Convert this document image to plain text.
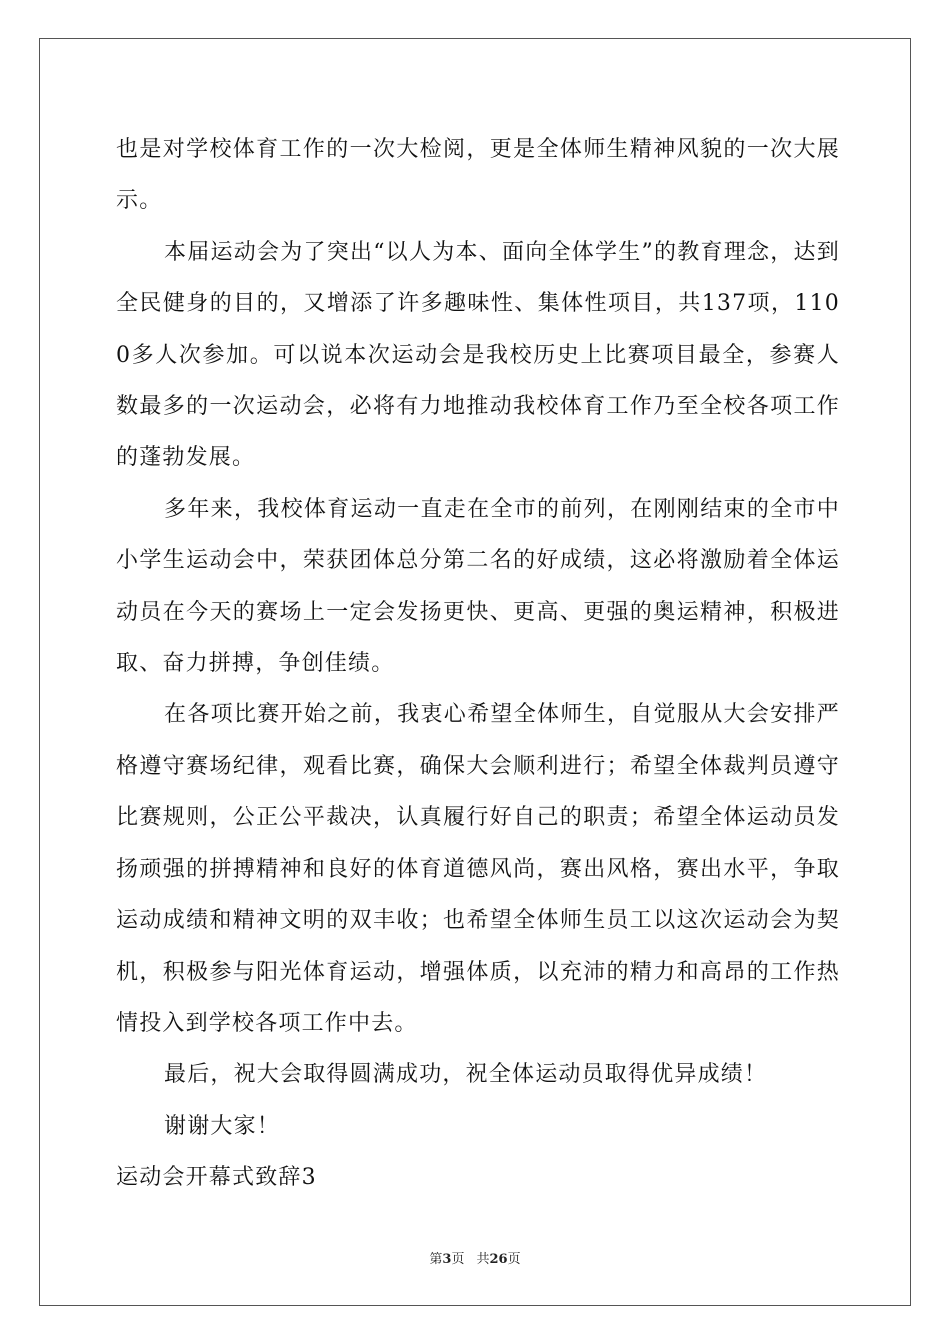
也是对学校体育工作的一次大检阅，更是全体师生精神风貌的一次大展示。

本届运动会为了突出“以人为本、面向全体学生”的教育理念，达到全民健身的目的，又增添了许多趣味性、集体性项目，共137项，1100多人次参加。可以说本次运动会是我校历史上比赛项目最全，参赛人数最多的一次运动会，必将有力地推动我校体育工作乃至全校各项工作的蓬勃发展。

多年来，我校体育运动一直走在全市的前列，在刚刚结束的全市中小学生运动会中，荣获团体总分第二名的好成绩，这必将激励着全体运动员在今天的赛场上一定会发扬更快、更高、更强的奥运精神，积极进取、奋力拼搏，争创佳绩。

在各项比赛开始之前，我衷心希望全体师生，自觉服从大会安排严格遵守赛场纪律，观看比赛，确保大会顺利进行；希望全体裁判员遵守比赛规则，公正公平裁决，认真履行好自己的职责；希望全体运动员发扬顽强的拼搏精神和良好的体育道德风尚，赛出风格，赛出水平，争取运动成绩和精神文明的双丰收；也希望全体师生员工以这次运动会为契机，积极参与阳光体育运动，增强体质，以充沛的精力和高昂的工作热情投入到学校各项工作中去。

最后，祝大会取得圆满成功，祝全体运动员取得优异成绩！

谢谢大家！

运动会开幕式致辞3

第3页 共26页
